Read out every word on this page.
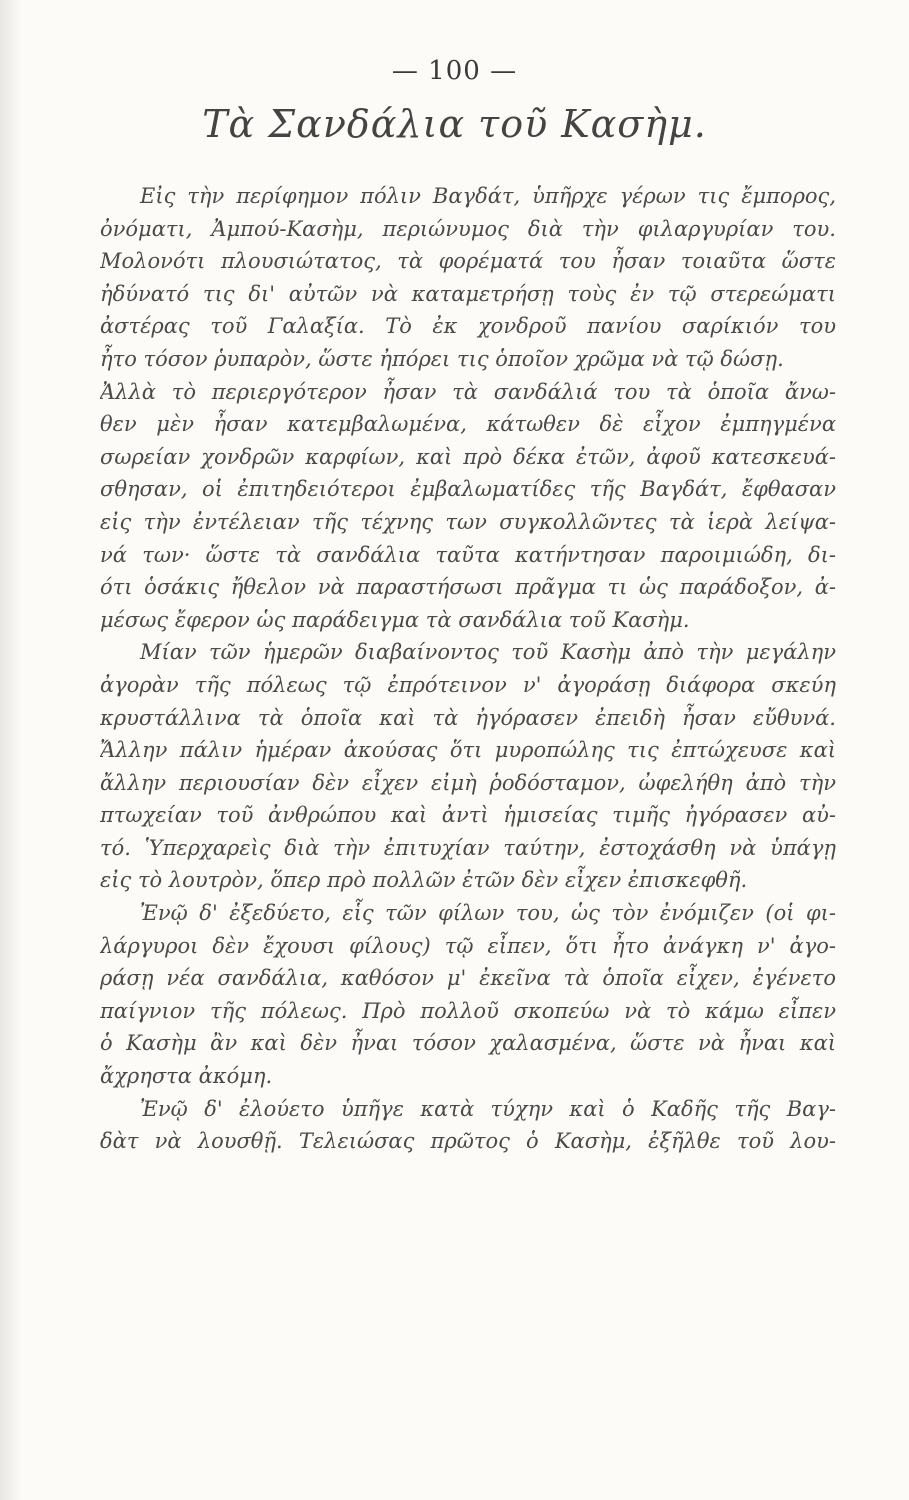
— 100 —
Τὰ Σανδάλια τοῦ Κασὴμ.
Εἰς τὴν περίφημον πόλιν Βαγδάτ, ὑπῆρχε γέρων τις ἔμπορος,
ὀνόματι, Ἀμπού-Κασὴμ, περιώνυμος διὰ τὴν φιλαργυρίαν του.
Μολονότι πλουσιώτατος, τὰ φορέματά του ἦσαν τοιαῦτα ὥστε
ἠδύνατό τις δι' αὐτῶν νὰ καταμετρήσῃ τοὺς ἐν τῷ στερεώματι
ἀστέρας τοῦ Γαλαξία. Τὸ ἐκ χονδροῦ πανίου σαρίκιόν του
ἦτο τόσον ῥυπαρὸν, ὥστε ἠπόρει τις ὁποῖον χρῶμα νὰ τῷ δώσῃ.
Ἀλλὰ τὸ περιεργότερον ἦσαν τὰ σανδάλιά του τὰ ὁποῖα ἄνω-
θεν μὲν ἦσαν κατεμβαλωμένα, κάτωθεν δὲ εἶχον ἐμπηγμένα
σωρείαν χονδρῶν καρφίων, καὶ πρὸ δέκα ἐτῶν, ἀφοῦ κατεσκευά-
σθησαν, οἱ ἐπιτηδειότεροι ἐμβαλωματίδες τῆς Βαγδάτ, ἔφθασαν
εἰς τὴν ἐντέλειαν τῆς τέχνης των συγκολλῶντες τὰ ἱερὰ λείψα-
νά των· ὥστε τὰ σανδάλια ταῦτα κατήντησαν παροιμιώδη, δι-
ότι ὁσάκις ἤθελον νὰ παραστήσωσι πρᾶγμα τι ὡς παράδοξον, ἀ-
μέσως ἔφερον ὡς παράδειγμα τὰ σανδάλια τοῦ Κασὴμ.
Μίαν τῶν ἡμερῶν διαβαίνοντος τοῦ Κασὴμ ἀπὸ τὴν μεγάλην
ἀγορὰν τῆς πόλεως τῷ ἐπρότεινον ν' ἀγοράσῃ διάφορα σκεύη
κρυστάλλινα τὰ ὁποῖα καὶ τὰ ἠγόρασεν ἐπειδὴ ἦσαν εὔθυνά.
Ἄλλην πάλιν ἡμέραν ἀκούσας ὅτι μυροπώλης τις ἐπτώχευσε καὶ
ἄλλην περιουσίαν δὲν εἶχεν εἰμὴ ῥοδόσταμον, ὠφελήθη ἀπὸ τὴν
πτωχείαν τοῦ ἀνθρώπου καὶ ἀντὶ ἡμισείας τιμῆς ἠγόρασεν αὐ-
τό. Ὑπερχαρεὶς διὰ τὴν ἐπιτυχίαν ταύτην, ἐστοχάσθη νὰ ὑπάγῃ
εἰς τὸ λουτρὸν, ὅπερ πρὸ πολλῶν ἐτῶν δὲν εἶχεν ἐπισκεφθῆ.
Ἐνῷ δ' ἐξεδύετο, εἷς τῶν φίλων του, ὡς τὸν ἐνόμιζεν (οἱ φι-
λάργυροι δὲν ἔχουσι φίλους) τῷ εἶπεν, ὅτι ἦτο ἀνάγκη ν' ἀγο-
ράσῃ νέα σανδάλια, καθόσον μ' ἐκεῖνα τὰ ὁποῖα εἶχεν, ἐγένετο
παίγνιον τῆς πόλεως. Πρὸ πολλοῦ σκοπεύω νὰ τὸ κάμω εἶπεν
ὁ Κασὴμ ἂν καὶ δὲν ἦναι τόσον χαλασμένα, ὥστε νὰ ἦναι καὶ
ἄχρηστα ἀκόμη.
Ἐνῷ δ' ἐλούετο ὑπῆγε κατὰ τύχην καὶ ὁ Καδῆς τῆς Βαγ-
δὰτ νὰ λουσθῇ. Τελειώσας πρῶτος ὁ Κασὴμ, ἐξῆλθε τοῦ λου-
